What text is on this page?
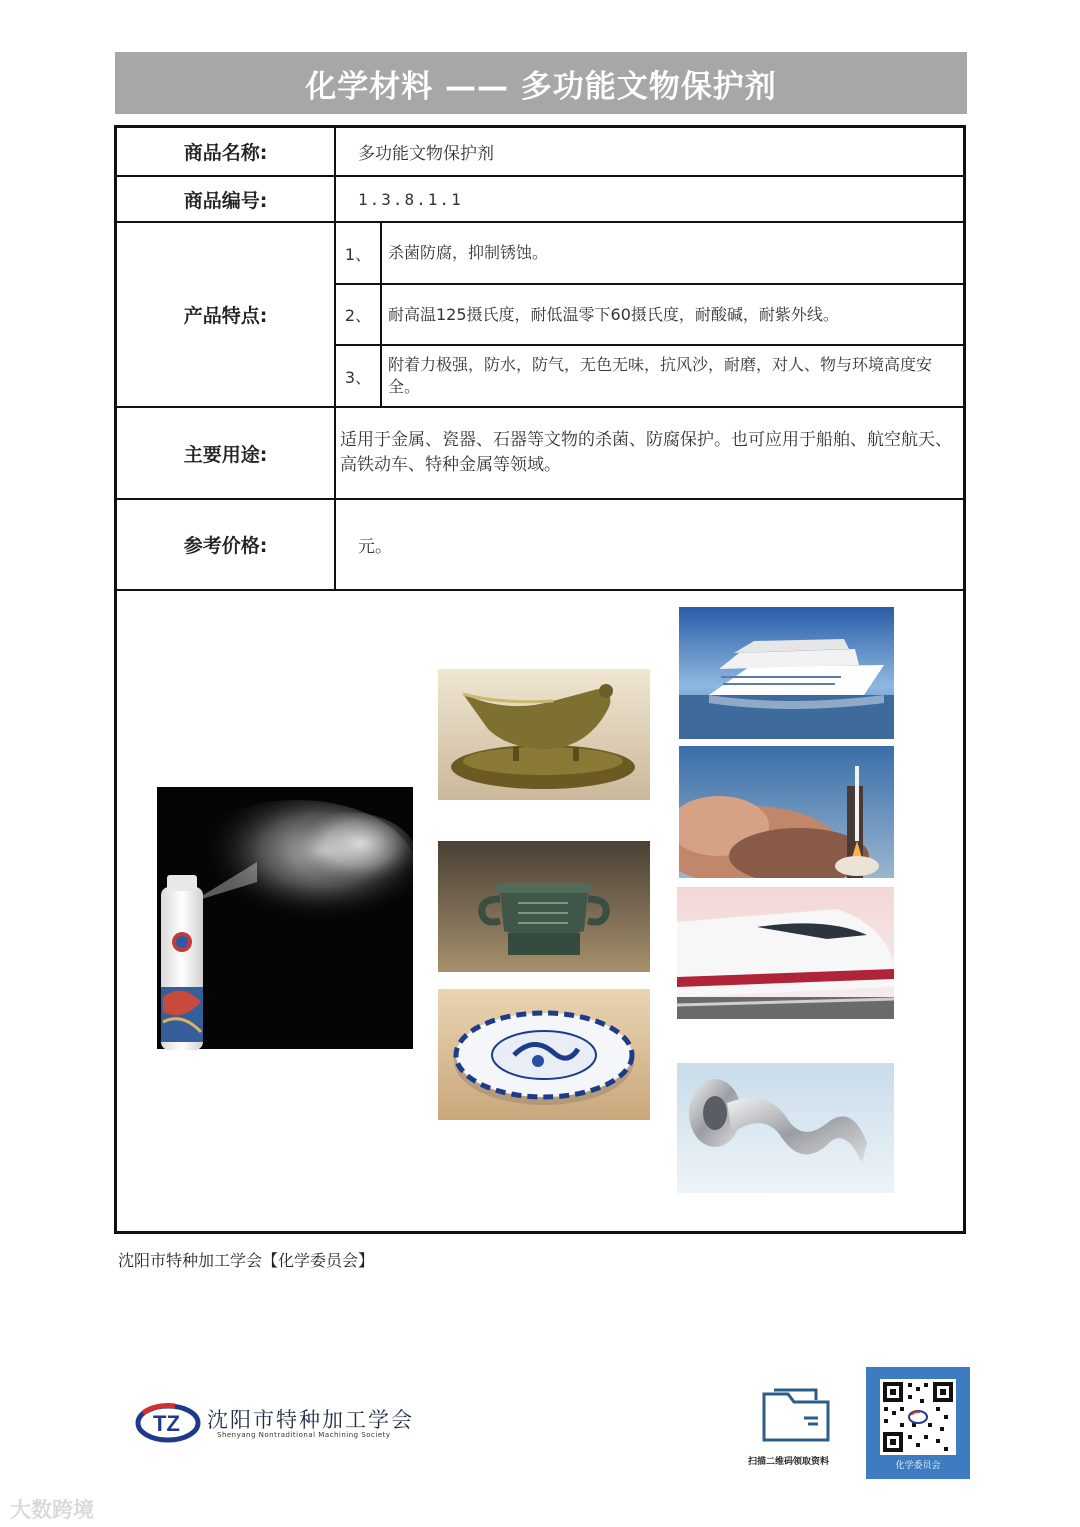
化学材料 —— 多功能文物保护剂
商品名称:	多功能文物保护剂	
商品编号:	1.3.8.1.1	
产品特点:	1、	杀菌防腐，抑制锈蚀。
	2、	耐高温125摄氏度，耐低温零下60摄氏度，耐酸碱，耐紫外线。
	3、	附着力极强，防水，防气，无色无味，抗风沙，耐磨，对人、物与环境高度安全。
主要用途:	适用于金属、瓷器、石器等文物的杀菌、防腐保护。也可应用于船舶、航空航天、高铁动车、特种金属等领域。	
参考价格:	元。	
沈阳市特种加工学会【化学委员会】
TZ 沈阳市特种加工学会
Shenyang Nontraditional Machining Society
扫描二维码领取资料	化学委员会
大数跨境
